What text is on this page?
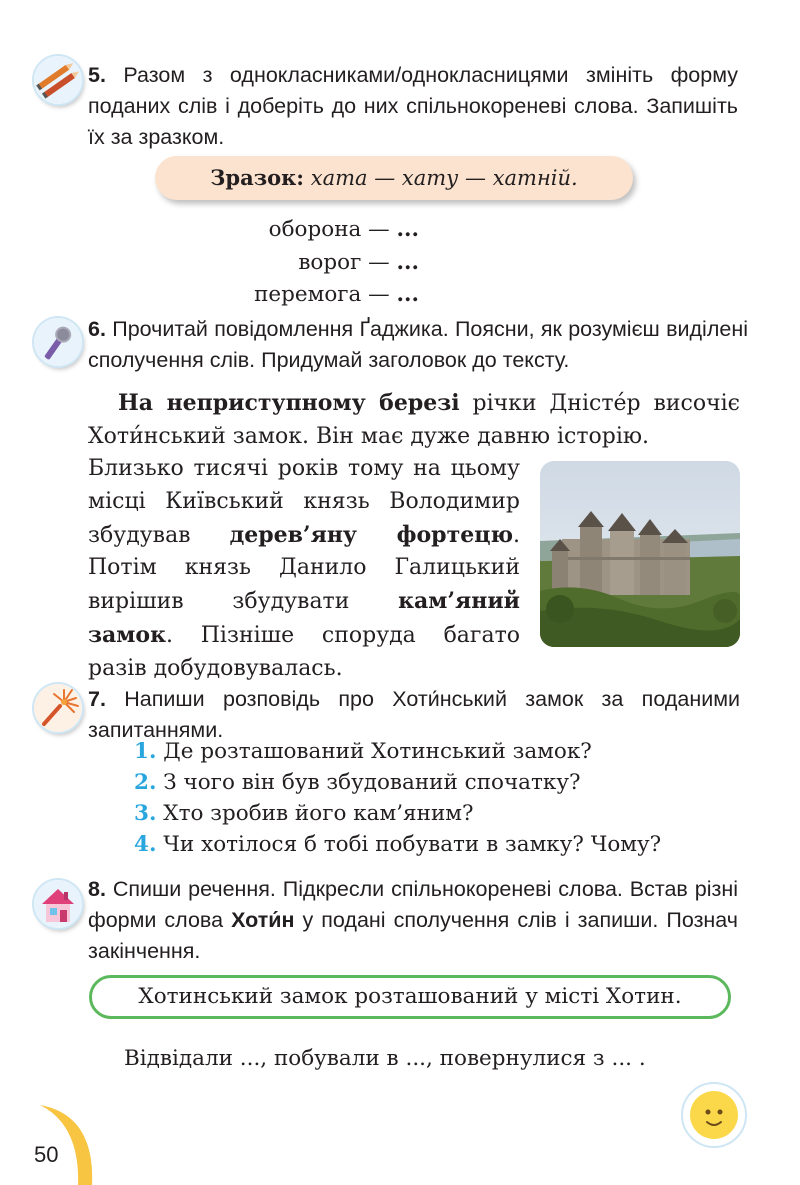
5. Разом з однокласниками/однокласницями змініть форму поданих слів і доберіть до них спільнокореневі слова. Запишіть їх за зразком.
Зразок: хата — хату — хатній.
оборона — ...
ворог — ...
перемога — ...
6. Прочитай повідомлення Ґаджика. Поясни, як розумієш виділені сполучення слів. Придумай заголовок до тексту.
На неприступному березі річки Дністе́р височіє Хоти́нський замок. Він має дуже давню історію.
Близько тисячі років тому на цьому місці Київський князь Володимир збудував дерев’яну фортецю. Потім князь Данило Галицький вирішив збудувати кам’яний замок. Пізніше споруда багато разів добудовувалась.
7. Напиши розповідь про Хоти́нський замок за поданими запитаннями.
1. Де розташований Хотинський замок?
2. З чого він був збудований спочатку?
3. Хто зробив його кам’яним?
4. Чи хотілося б тобі побувати в замку? Чому?
8. Спиши речення. Підкресли спільнокореневі слова. Встав різні форми слова Хоти́н у подані сполучення слів і запиши. Познач закінчення.
Хотинський замок розташований у місті Хотин.
Відвідали ..., побували в ..., повернулися з ... .
50
